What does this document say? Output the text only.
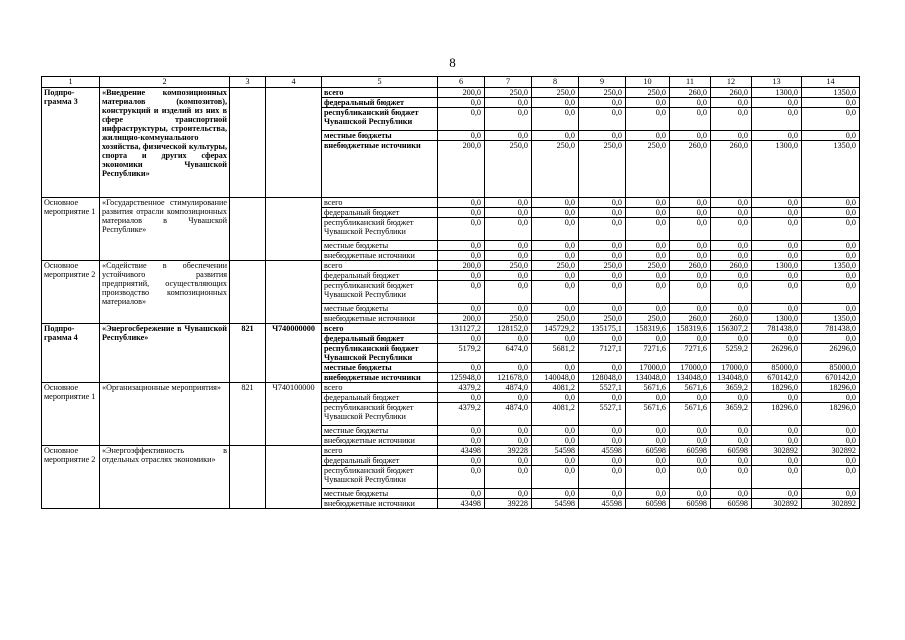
8
1	2	3	4	5	6	7	8	9	10	11	12	13	14
Подпро-грамма 3	«Внедрение композиционных материалов (композитов), конструкций и изделий из них в сфере транспортной инфраструктуры, строительства, жилищно-коммунального хозяйства, физической культуры, спорта и других сферах экономики Чувашской Республики»			всего	200,0	250,0	250,0	250,0	250,0	260,0	260,0	1300,0	1350,0
				федеральный бюджет	0,0	0,0	0,0	0,0	0,0	0,0	0,0	0,0	0,0
				республиканский бюджет Чувашской Республики	0,0	0,0	0,0	0,0	0,0	0,0	0,0	0,0	0,0
				местные бюджеты	0,0	0,0	0,0	0,0	0,0	0,0	0,0	0,0	0,0
				внебюджетные источники	200,0	250,0	250,0	250,0	250,0	260,0	260,0	1300,0	1350,0
Основное мероприятие 1	«Государственное стимулирование развития отрасли композиционных материалов в Чувашской Республике»			всего	0,0	0,0	0,0	0,0	0,0	0,0	0,0	0,0	0,0
				федеральный бюджет	0,0	0,0	0,0	0,0	0,0	0,0	0,0	0,0	0,0
				республиканский бюджет Чувашской Республики	0,0	0,0	0,0	0,0	0,0	0,0	0,0	0,0	0,0
				местные бюджеты	0,0	0,0	0,0	0,0	0,0	0,0	0,0	0,0	0,0
				внебюджетные источники	0,0	0,0	0,0	0,0	0,0	0,0	0,0	0,0	0,0
Основное мероприятие 2	«Содействие в обеспечении устойчивого развития предприятий, осуществляющих производство композиционных материалов»			всего	200,0	250,0	250,0	250,0	250,0	260,0	260,0	1300,0	1350,0
				федеральный бюджет	0,0	0,0	0,0	0,0	0,0	0,0	0,0	0,0	0,0
				республиканский бюджет Чувашской Республики	0,0	0,0	0,0	0,0	0,0	0,0	0,0	0,0	0,0
				местные бюджеты	0,0	0,0	0,0	0,0	0,0	0,0	0,0	0,0	0,0
				внебюджетные источники	200,0	250,0	250,0	250,0	250,0	260,0	260,0	1300,0	1350,0
Подпро-грамма 4	«Энергосбережение в Чувашской Республике»	821	Ч740000000	всего	131127,2	128152,0	145729,2	135175,1	158319,6	158319,6	156307,2	781438,0	781438,0
				федеральный бюджет	0,0	0,0	0,0	0,0	0,0	0,0	0,0	0,0	0,0
				республиканский бюджет Чувашской Республики	5179,2	6474,0	5681,2	7127,1	7271,6	7271,6	5259,2	26296,0	26296,0
				местные бюджеты	0,0	0,0	0,0	0,0	17000,0	17000,0	17000,0	85000,0	85000,0
				внебюджетные источники	125948,0	121678,0	140048,0	128048,0	134048,0	134048,0	134048,0	670142,0	670142,0
Основное мероприятие 1	«Организационные мероприятия»	821	Ч740100000	всего	4379,2	4874,0	4081,2	5527,1	5671,6	5671,6	3659,2	18296,0	18296,0
				федеральный бюджет	0,0	0,0	0,0	0,0	0,0	0,0	0,0	0,0	0,0
				республиканский бюджет Чувашской Республики	4379,2	4874,0	4081,2	5527,1	5671,6	5671,6	3659,2	18296,0	18296,0
				местные бюджеты	0,0	0,0	0,0	0,0	0,0	0,0	0,0	0,0	0,0
				внебюджетные источники	0,0	0,0	0,0	0,0	0,0	0,0	0,0	0,0	0,0
Основное мероприятие 2	«Энергоэффективность в отдельных отраслях экономики»			всего	43498	39228	54598	45598	60598	60598	60598	302892	302892
				федеральный бюджет	0,0	0,0	0,0	0,0	0,0	0,0	0,0	0,0	0,0
				республиканский бюджет Чувашской Республики	0,0	0,0	0,0	0,0	0,0	0,0	0,0	0,0	0,0
				местные бюджеты	0,0	0,0	0,0	0,0	0,0	0,0	0,0	0,0	0,0
				внебюджетные источники	43498	39228	54598	45598	60598	60598	60598	302892	302892
